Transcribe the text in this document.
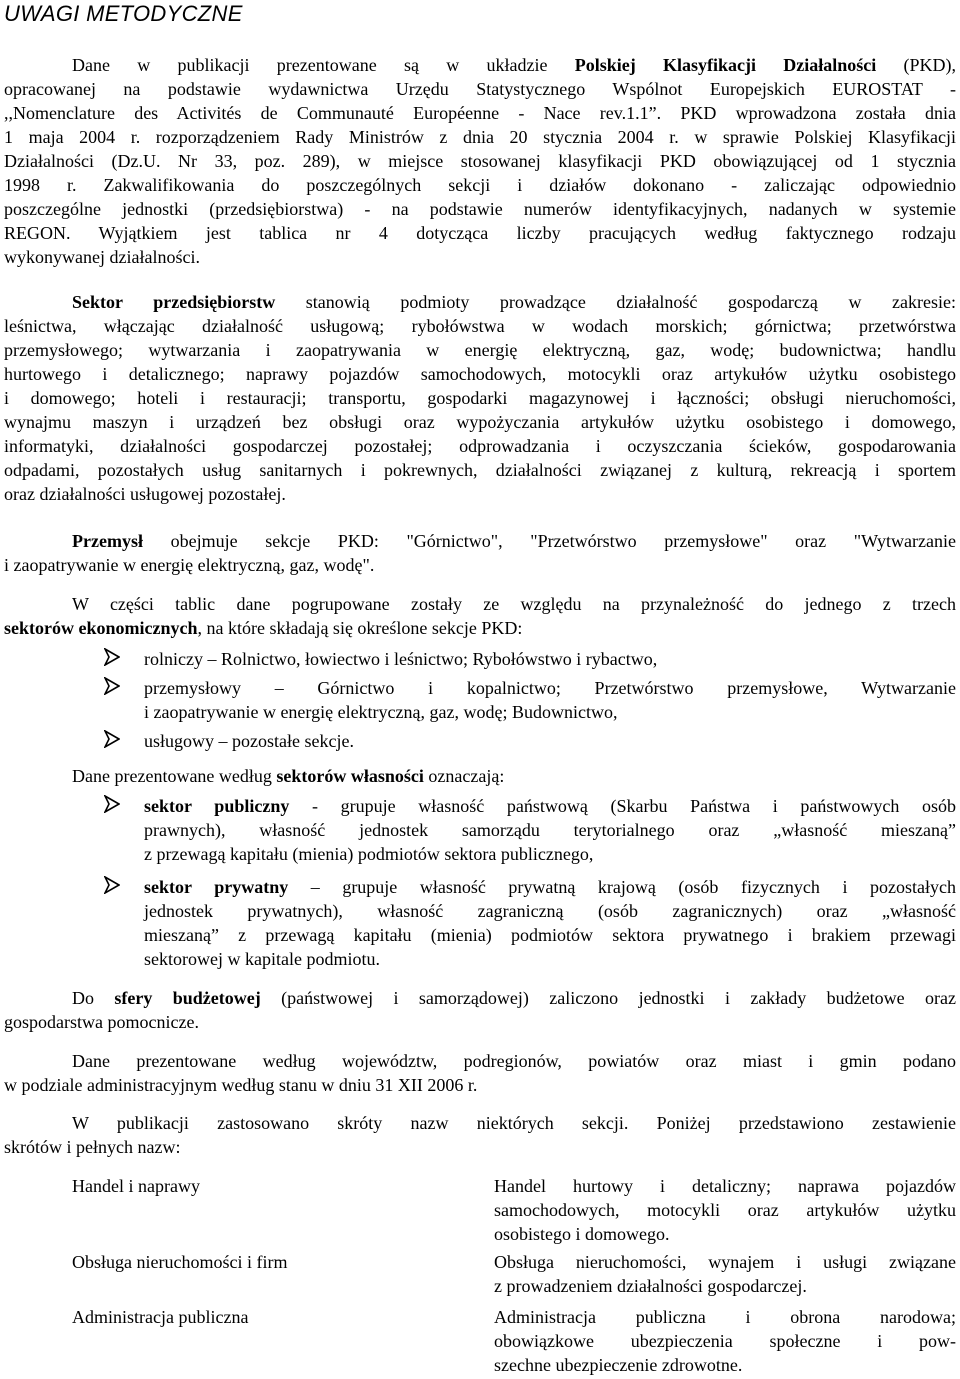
UWAGI METODYCZNE
Dane w publikacji prezentowane są w układzie Polskiej Klasyfikacji Działalności (PKD),
opracowanej na podstawie wydawnictwa Urzędu Statystycznego Wspólnot Europejskich EUROSTAT -
,,Nomenclature des Activités de Communauté Européenne - Nace rev.1.1”. PKD wprowadzona została dnia
1 maja 2004 r. rozporządzeniem Rady Ministrów z dnia 20 stycznia 2004 r. w sprawie Polskiej Klasyfikacji
Działalności (Dz.U. Nr 33, poz. 289), w miejsce stosowanej klasyfikacji PKD obowiązującej od 1 stycznia
1998 r. Zakwalifikowania do poszczególnych sekcji i działów dokonano - zaliczając odpowiednio
poszczególne jednostki (przedsiębiorstwa) - na podstawie numerów identyfikacyjnych, nadanych w systemie
REGON. Wyjątkiem jest tablica nr 4 dotycząca liczby pracujących według faktycznego rodzaju
wykonywanej działalności.
Sektor przedsiębiorstw stanowią podmioty prowadzące działalność gospodarczą w zakresie:
leśnictwa, włączając działalność usługową; rybołówstwa w wodach morskich; górnictwa; przetwórstwa
przemysłowego; wytwarzania i zaopatrywania w energię elektryczną, gaz, wodę; budownictwa; handlu
hurtowego i detalicznego; naprawy pojazdów samochodowych, motocykli oraz artykułów użytku osobistego
i domowego; hoteli i restauracji; transportu, gospodarki magazynowej i łączności; obsługi nieruchomości,
wynajmu maszyn i urządzeń bez obsługi oraz wypożyczania artykułów użytku osobistego i domowego,
informatyki, działalności gospodarczej pozostałej; odprowadzania i oczyszczania ścieków, gospodarowania
odpadami, pozostałych usług sanitarnych i pokrewnych, działalności związanej z kulturą, rekreacją i sportem
oraz działalności usługowej pozostałej.
Przemysł obejmuje sekcje PKD: "Górnictwo", "Przetwórstwo przemysłowe" oraz "Wytwarzanie
i zaopatrywanie w energię elektryczną, gaz, wodę".
W części tablic dane pogrupowane zostały ze względu na przynależność do jednego z trzech
sektorów ekonomicznych, na które składają się określone sekcje PKD:
rolniczy – Rolnictwo, łowiectwo i leśnictwo; Rybołówstwo i rybactwo,
przemysłowy – Górnictwo i kopalnictwo; Przetwórstwo przemysłowe, Wytwarzanie
i zaopatrywanie w energię elektryczną, gaz, wodę; Budownictwo,
usługowy – pozostałe sekcje.
Dane prezentowane według sektorów własności oznaczają:
sektor publiczny - grupuje własność państwową (Skarbu Państwa i państwowych osób
prawnych), własność jednostek samorządu terytorialnego oraz „własność mieszaną”
z przewagą kapitału (mienia) podmiotów sektora publicznego,
sektor prywatny – grupuje własność prywatną krajową (osób fizycznych i pozostałych
jednostek prywatnych), własność zagraniczną (osób zagranicznych) oraz „własność
mieszaną” z przewagą kapitału (mienia) podmiotów sektora prywatnego i brakiem przewagi
sektorowej w kapitale podmiotu.
Do sfery budżetowej (państwowej i samorządowej) zaliczono jednostki i zakłady budżetowe oraz
gospodarstwa pomocnicze.
Dane prezentowane według województw, podregionów, powiatów oraz miast i gmin podano
w podziale administracyjnym według stanu w dniu 31 XII 2006 r.
W publikacji zastosowano skróty nazw niektórych sekcji. Poniżej przedstawiono zestawienie
skrótów i pełnych nazw:
Handel i naprawy	Handel hurtowy i detaliczny; naprawa pojazdów
samochodowych, motocykli oraz artykułów użytku
osobistego i domowego.
Obsługa nieruchomości i firm	Obsługa nieruchomości, wynajem i usługi związane
z prowadzeniem działalności gospodarczej.
Administracja publiczna	Administracja publiczna i obrona narodowa;
obowiązkowe ubezpieczenia społeczne i pow-
szechne ubezpieczenie zdrowotne.
